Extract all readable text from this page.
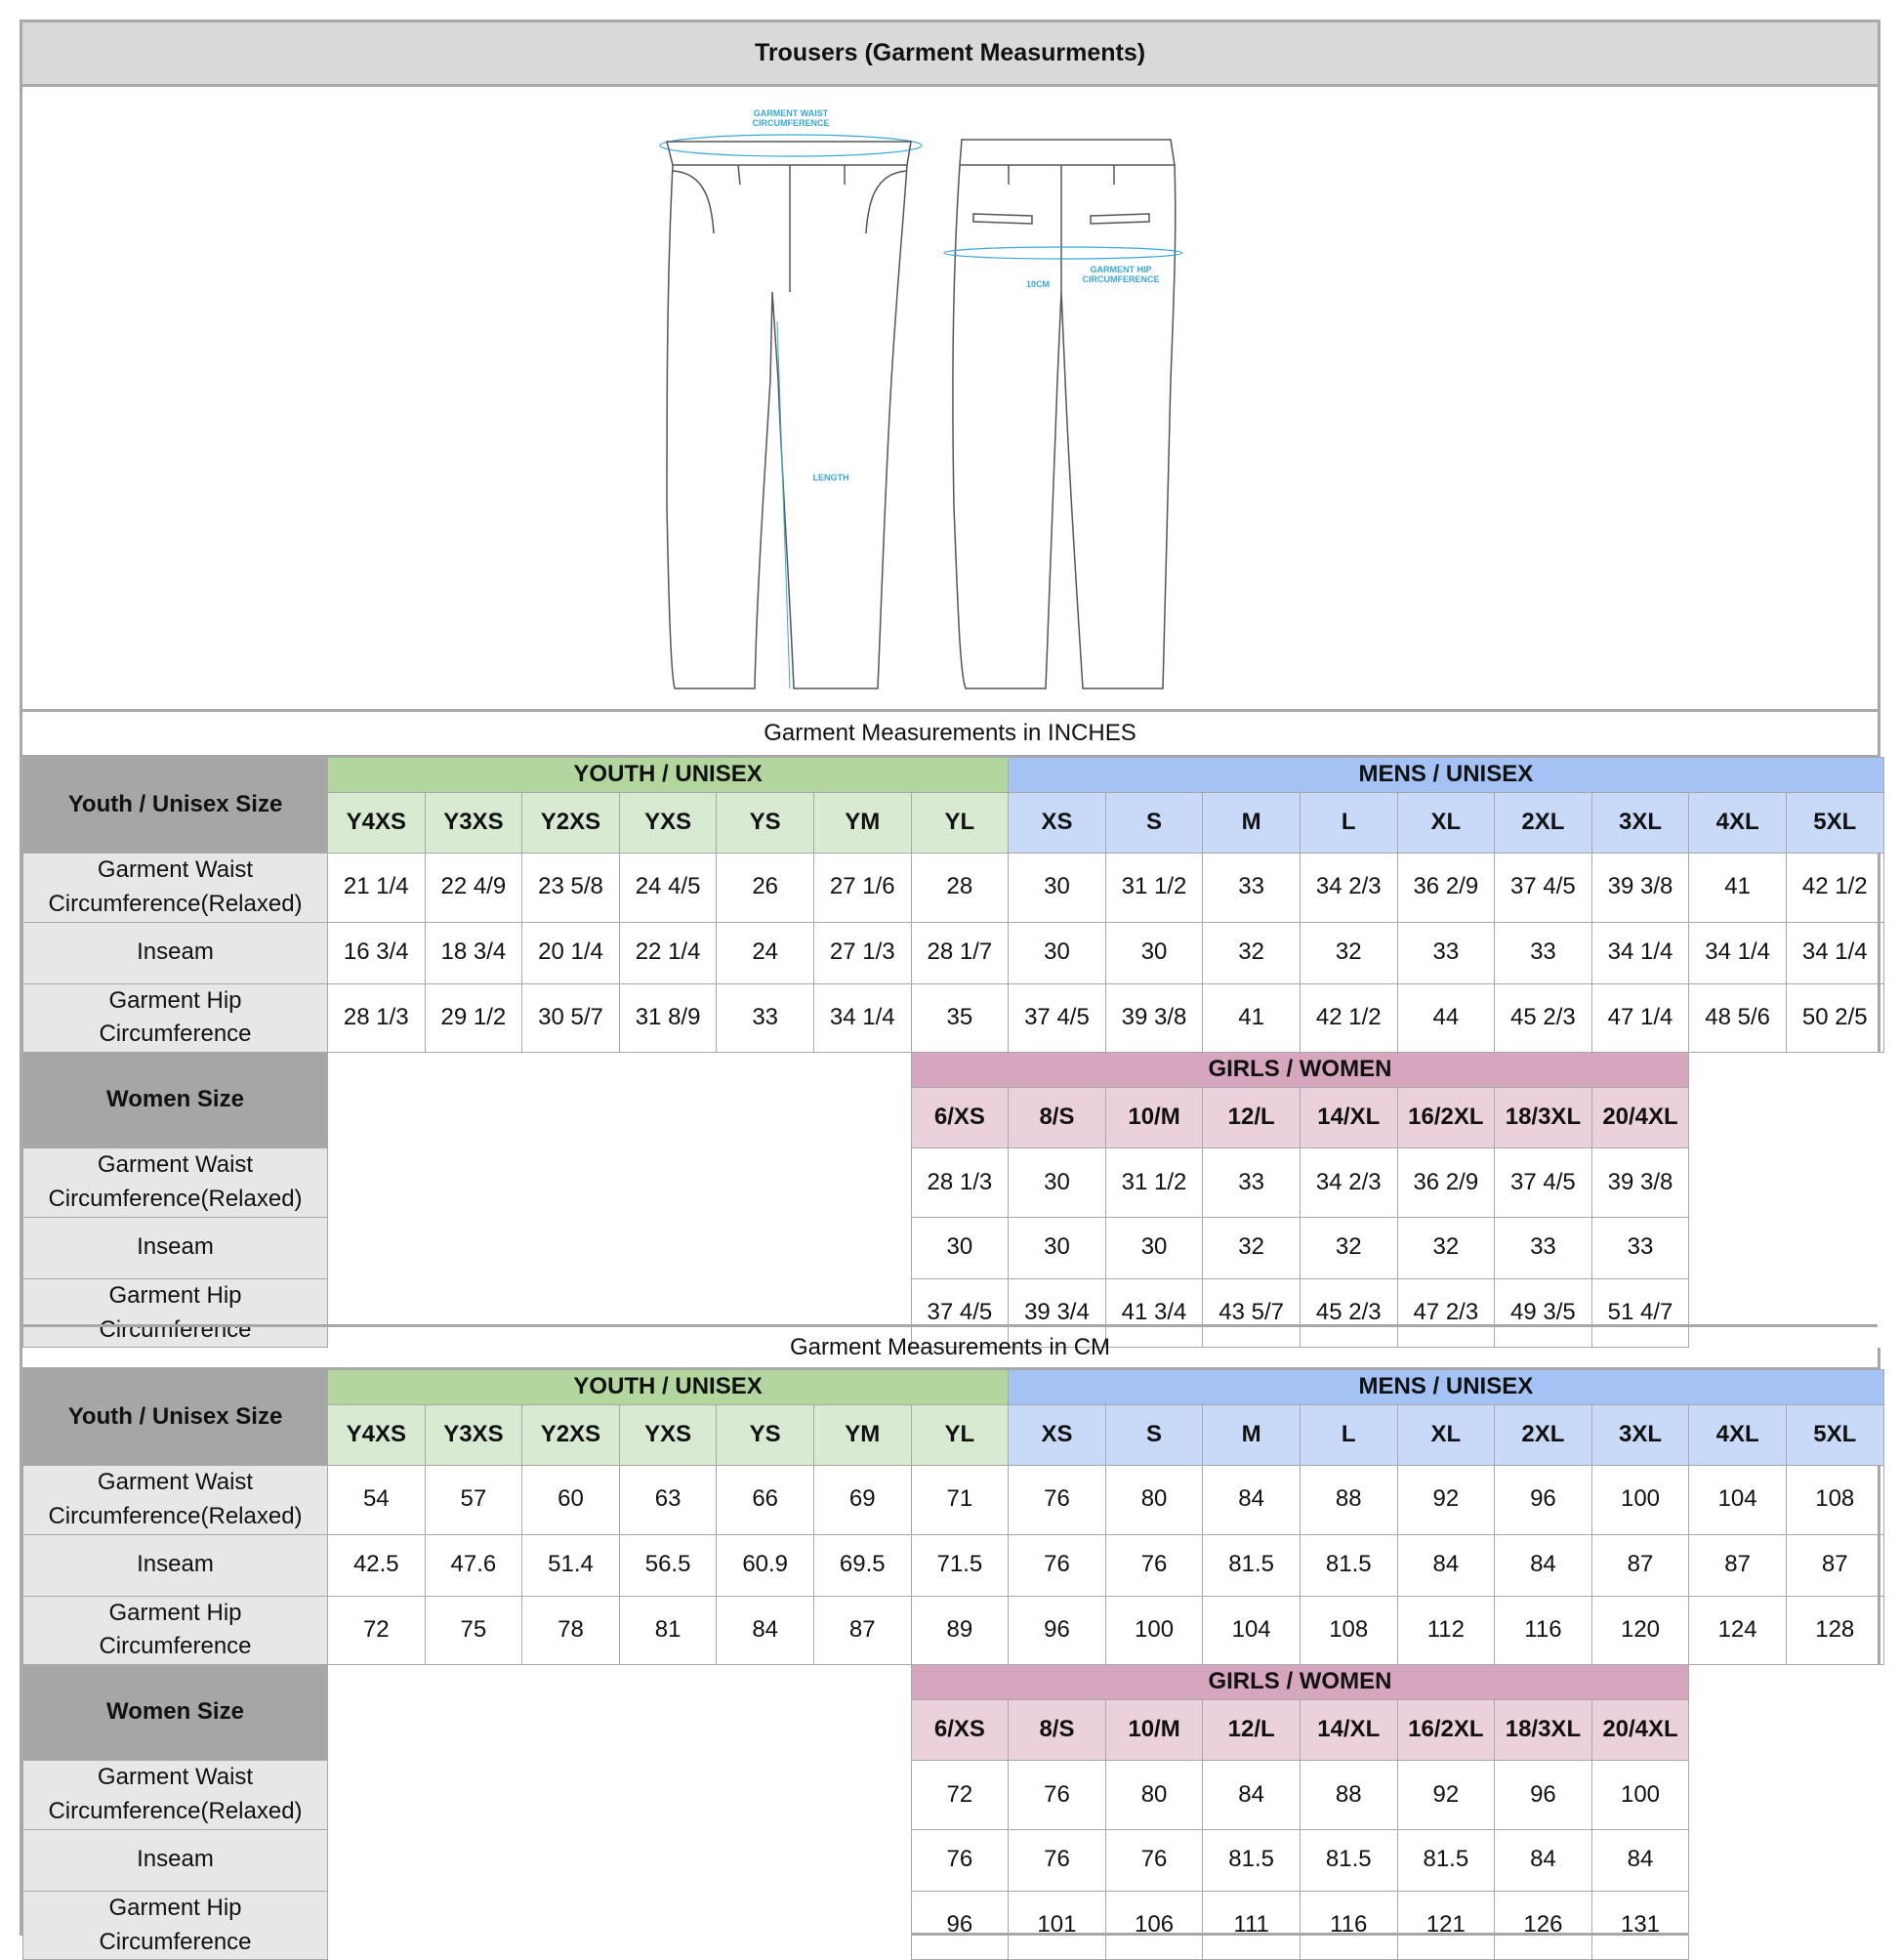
Trousers (Garment Measurments)
GARMENT WAIST
CIRCUMFERENCE
LENGTH
GARMENT HIP
CIRCUMFERENCE
10CM
Garment Measurements in INCHES
Youth / Unisex Size	YOUTH / UNISEX							MENS / UNISEX								
	Y4XS	Y3XS	Y2XS	YXS	YS	YM	YL	XS	S	M	L	XL	2XL	3XL	4XL	5XL

Garment Waist
Circumference(Relaxed)	21 1/4	22 4/9	23 5/8	24 4/5	26	27 1/6	28	30	31 1/2	33	34 2/3	36 2/9	37 4/5	39 3/8	41	42 1/2

Inseam	16 3/4	18 3/4	20 1/4	22 1/4	24	27 1/3	28 1/7	30	30	32	32	33	33	34 1/4	34 1/4	34 1/4

Garment Hip
Circumference	28 1/3	29 1/2	30 5/7	31 8/9	33	34 1/4	35	37 4/5	39 3/8	41	42 1/2	44	45 2/3	47 1/4	48 5/6	50 2/5
Women Size							GIRLS / WOMEN									
							6/XS	8/S	10/M	12/L	14/XL	16/2XL	18/3XL	20/4XL		

Garment Waist
Circumference(Relaxed)							28 1/3	30	31 1/2	33	34 2/3	36 2/9	37 4/5	39 3/8		

Inseam							30	30	30	32	32	32	33	33		

Garment Hip
Circumference							37 4/5	39 3/4	41 3/4	43 5/7	45 2/3	47 2/3	49 3/5	51 4/7		
Garment Measurements in CM
Youth / Unisex Size	YOUTH / UNISEX							MENS / UNISEX								
	Y4XS	Y3XS	Y2XS	YXS	YS	YM	YL	XS	S	M	L	XL	2XL	3XL	4XL	5XL

Garment Waist
Circumference(Relaxed)	54	57	60	63	66	69	71	76	80	84	88	92	96	100	104	108

Inseam	42.5	47.6	51.4	56.5	60.9	69.5	71.5	76	76	81.5	81.5	84	84	87	87	87

Garment Hip
Circumference	72	75	78	81	84	87	89	96	100	104	108	112	116	120	124	128
Women Size							GIRLS / WOMEN									
							6/XS	8/S	10/M	12/L	14/XL	16/2XL	18/3XL	20/4XL		

Garment Waist
Circumference(Relaxed)							72	76	80	84	88	92	96	100		

Inseam							76	76	76	81.5	81.5	81.5	84	84		

Garment Hip
Circumference							96	101	106	111	116	121	126	131		
